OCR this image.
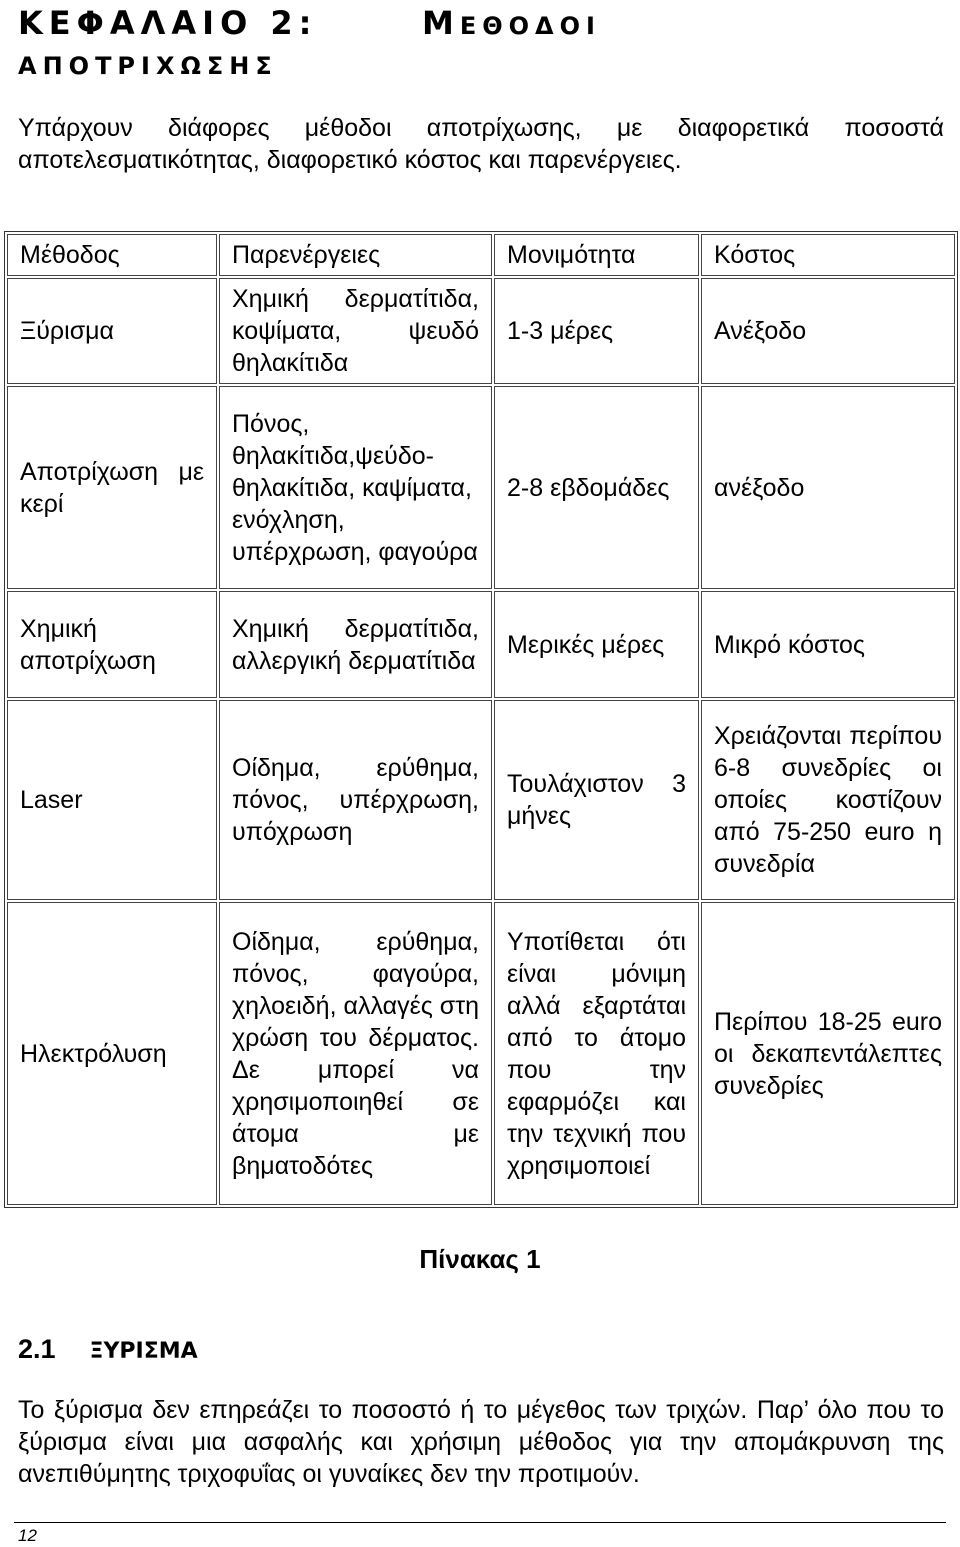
ΚΕΦΑΛΑΙΟ 2:	ΜΕΘΟΔΟΙ
ΑΠΟΤΡΙΧΩΣΗΣ
Υπάρχουν διάφορες μέθοδοι αποτρίχωσης, με διαφορετικά ποσοστά
αποτελεσματικότητας, διαφορετικό κόστος και παρενέργειες.
Μέθοδος	Παρενέργειες	Μονιμότητα	Κόστος
Ξύρισμα	Χημική δερματίτιδα, κοψίματα, ψευδό θηλακίτιδα	1-3 μέρες	Ανέξοδο
Αποτρίχωση με κερί	Πόνος, θηλακίτιδα,ψεύδο-θηλακίτιδα, καψίματα, ενόχληση, υπέρχρωση, φαγούρα	2-8 εβδομάδες	ανέξοδο
Χημική αποτρίχωση	Χημική δερματίτιδα, αλλεργική δερματίτιδα	Μερικές μέρες	Μικρό κόστος
Laser	Οίδημα, ερύθημα, πόνος, υπέρχρωση, υπόχρωση	Τουλάχιστον 3 μήνες	Χρειάζονται περίπου 6-8 συνεδρίες οι οποίες κοστίζουν από 75-250 euro η συνεδρία
Ηλεκτρόλυση	Οίδημα, ερύθημα, πόνος, φαγούρα, χηλοειδή, αλλαγές στη χρώση του δέρματος. Δε μπορεί να χρησιμοποιηθεί σε άτομα με βηματοδότες	Υποτίθεται ότι είναι μόνιμη αλλά εξαρτάται από το άτομο που την εφαρμόζει και την τεχνική που χρησιμοποιεί	Περίπου 18-25 euro οι δεκαπεντάλεπτες συνεδρίες
Πίνακας 1
2.1 ΞΥΡΙΣΜΑ
Το ξύρισμα δεν επηρεάζει το ποσοστό ή το μέγεθος των τριχών. Παρ’ όλο που το ξύρισμα είναι μια ασφαλής και χρήσιμη μέθοδος για την απομάκρυνση της ανεπιθύμητης τριχοφυΐας οι γυναίκες δεν την προτιμούν.
12
